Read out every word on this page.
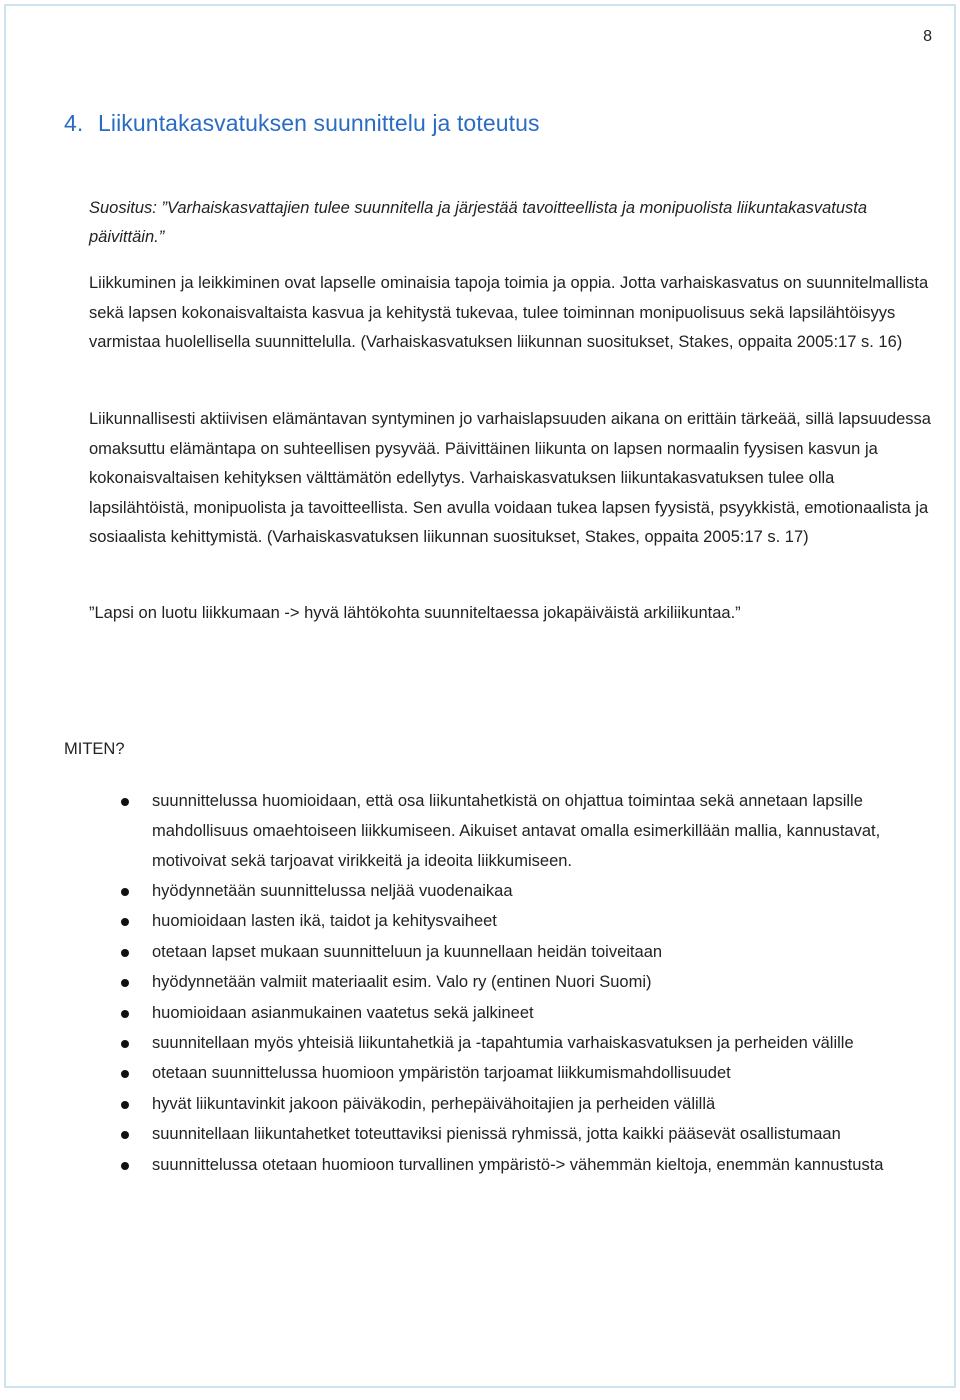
8
4. Liikuntakasvatuksen suunnittelu ja toteutus

Suositus: ”Varhaiskasvattajien tulee suunnitella ja järjestää tavoitteellista ja monipuolista liikuntakasvatusta päivittäin.”

Liikkuminen ja leikkiminen ovat lapselle ominaisia tapoja toimia ja oppia. Jotta varhaiskasvatus on suunnitelmallista sekä lapsen kokonaisvaltaista kasvua ja kehitystä tukevaa, tulee toiminnan monipuolisuus sekä lapsilähtöisyys varmistaa huolellisella suunnittelulla. (Varhaiskasvatuksen liikunnan suositukset, Stakes, oppaita 2005:17 s. 16)

Liikunnallisesti aktiivisen elämäntavan syntyminen jo varhaislapsuuden aikana on erittäin tärkeää, sillä lapsuudessa omaksuttu elämäntapa on suhteellisen pysyvää. Päivittäinen liikunta on lapsen normaalin fyysisen kasvun ja kokonaisvaltaisen kehityksen välttämätön edellytys. Varhaiskasvatuksen liikuntakasvatuksen tulee olla lapsilähtöistä, monipuolista ja tavoitteellista. Sen avulla voidaan tukea lapsen fyysistä, psyykkistä, emotionaalista ja sosiaalista kehittymistä. (Varhaiskasvatuksen liikunnan suositukset, Stakes, oppaita 2005:17 s. 17)

”Lapsi on luotu liikkumaan -> hyvä lähtökohta suunniteltaessa jokapäiväistä arkiliikuntaa.”

MITEN?

suunnittelussa huomioidaan, että osa liikuntahetkistä on ohjattua toimintaa sekä annetaan lapsille mahdollisuus omaehtoiseen liikkumiseen. Aikuiset antavat omalla esimerkillään mallia, kannustavat, motivoivat sekä tarjoavat virikkeitä ja ideoita liikkumiseen.
hyödynnetään suunnittelussa neljää vuodenaikaa
huomioidaan lasten ikä, taidot ja kehitysvaiheet
otetaan lapset mukaan suunnitteluun ja kuunnellaan heidän toiveitaan
hyödynnetään valmiit materiaalit esim. Valo ry (entinen Nuori Suomi)
huomioidaan asianmukainen vaatetus sekä jalkineet
suunnitellaan myös yhteisiä liikuntahetkiä ja -tapahtumia varhaiskasvatuksen ja perheiden välille
otetaan suunnittelussa huomioon ympäristön tarjoamat liikkumismahdollisuudet
hyvät liikuntavinkit jakoon päiväkodin, perhepäivähoitajien ja perheiden välillä
suunnitellaan liikuntahetket toteuttaviksi pienissä ryhmissä, jotta kaikki pääsevät osallistumaan
suunnittelussa otetaan huomioon turvallinen ympäristö-> vähemmän kieltoja, enemmän kannustusta
